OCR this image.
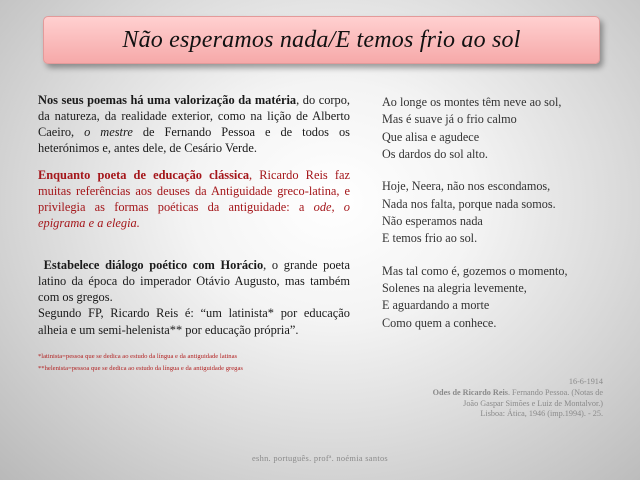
Não esperamos nada/E temos frio ao sol

Nos seus poemas há uma valorização da matéria, do corpo, da natureza, da realidade exterior, como na lição de Alberto Caeiro, o mestre de Fernando Pessoa e de todos os heterónimos e, antes dele, de Cesário Verde.

Enquanto poeta de educação clássica, Ricardo Reis faz muitas referências aos deuses da Antiguidade greco-latina, e privilegia as formas poéticas da antiguidade: a ode, o epigrama e a elegia.

Estabelece diálogo poético com Horácio, o grande poeta latino da época do imperador Otávio Augusto, mas também com os gregos.

Segundo FP, Ricardo Reis é: “um latinista* por educação alheia e um semi-helenista** por educação própria”.

*latinista=pessoa que se dedica ao estudo da língua e da antiguidade latinas
**helenista=pessoa que se dedica ao estudo da língua e da antiguidade gregas
Ao longe os montes têm neve ao sol,
Mas é suave já o frio calmo
Que alisa e agudece
Os dardos do sol alto.
Hoje, Neera, não nos escondamos,
Nada nos falta, porque nada somos.
Não esperamos nada
E temos frio ao sol.
Mas tal como é, gozemos o momento,
Solenes na alegria levemente,
E aguardando a morte
Como quem a conhece.
16-6-1914
Odes de Ricardo Reis. Fernando Pessoa. (Notas de
João Gaspar Simões e Luiz de Montalvor.)
Lisboa: Ática, 1946 (imp.1994). - 25.
eshn. português. profª. noémia santos
